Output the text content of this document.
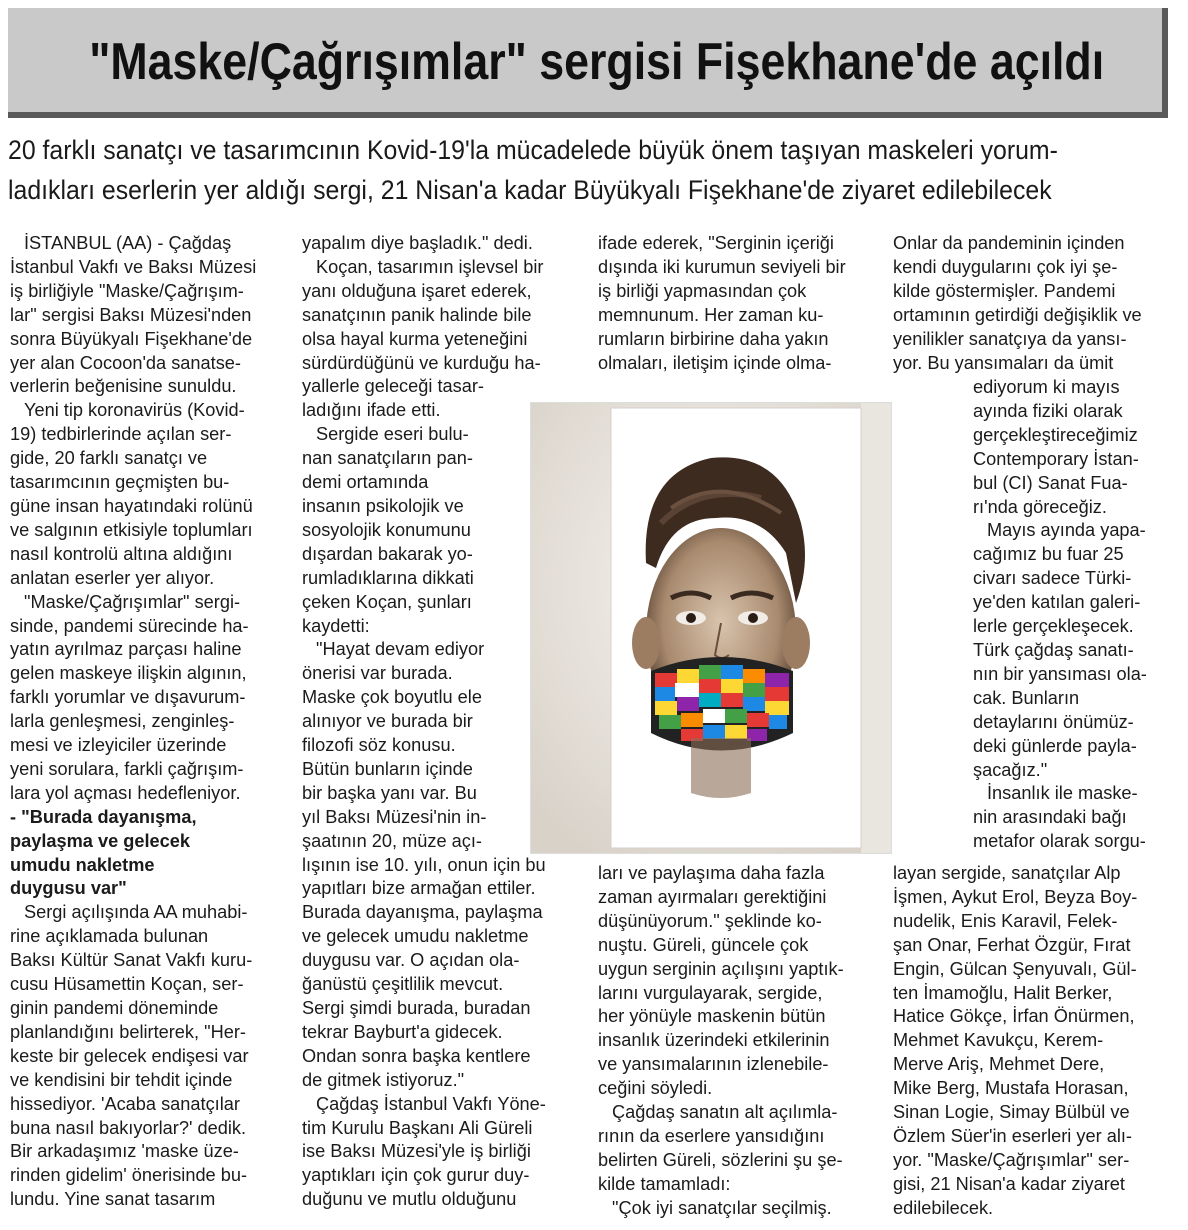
"Maske/Çağrışımlar" sergisi Fişekhane'de açıldı
20 farklı sanatçı ve tasarımcının Kovid-19'la mücadelede büyük önem taşıyan maskeleri yorum-
ladıkları eserlerin yer aldığı sergi, 21 Nisan'a kadar Büyükyalı Fişekhane'de ziyaret edilebilecek

İSTANBUL (AA) - Çağdaş

İstanbul Vakfı ve Baksı Müzesi

iş birliğiyle "Maske/Çağrışım-

lar" sergisi Baksı Müzesi'nden

sonra Büyükyalı Fişekhane'de

yer alan Cocoon'da sanatse-

verlerin beğenisine sunuldu.

Yeni tip koronavirüs (Kovid-

19) tedbirlerinde açılan ser-

gide, 20 farklı sanatçı ve

tasarımcının geçmişten bu-

güne insan hayatındaki rolünü

ve salgının etkisiyle toplumları

nasıl kontrolü altına aldığını

anlatan eserler yer alıyor.

"Maske/Çağrışımlar" sergi-

sinde, pandemi sürecinde ha-

yatın ayrılmaz parçası haline

gelen maskeye ilişkin algının,

farklı yorumlar ve dışavurum-

larla genleşmesi, zenginleş-

mesi ve izleyiciler üzerinde

yeni sorulara, farkli çağrışım-

lara yol açması hedefleniyor.

- "Burada dayanışma,

paylaşma ve gelecek

umudu nakletme

duygusu var"

Sergi açılışında AA muhabi-

rine açıklamada bulunan

Baksı Kültür Sanat Vakfı kuru-

cusu Hüsamettin Koçan, ser-

ginin pandemi döneminde

planlandığını belirterek, "Her-

keste bir gelecek endişesi var

ve kendisini bir tehdit içinde

hissediyor. 'Acaba sanatçılar

buna nasıl bakıyorlar?' dedik.

Bir arkadaşımız 'maske üze-

rinden gidelim' önerisinde bu-

lundu. Yine sanat tasarım

yapalım diye başladık." dedi.

Koçan, tasarımın işlevsel bir

yanı olduğuna işaret ederek,

sanatçının panik halinde bile

olsa hayal kurma yeteneğini

sürdürdüğünü ve kurduğu ha-

yallerle geleceği tasar-

ladığını ifade etti.

Sergide eseri bulu-

nan sanatçıların pan-

demi ortamında

insanın psikolojik ve

sosyolojik konumunu

dışardan bakarak yo-

rumladıklarına dikkati

çeken Koçan, şunları

kaydetti:

"Hayat devam ediyor

önerisi var burada.

Maske çok boyutlu ele

alınıyor ve burada bir

filozofi söz konusu.

Bütün bunların içinde

bir başka yanı var. Bu

yıl Baksı Müzesi'nin in-

şaatının 20, müze açı-

lışının ise 10. yılı, onun için bu

yapıtları bize armağan ettiler.

Burada dayanışma, paylaşma

ve gelecek umudu nakletme

duygusu var. O açıdan ola-

ğanüstü çeşitlilik mevcut.

Sergi şimdi burada, buradan

tekrar Bayburt'a gidecek.

Ondan sonra başka kentlere

de gitmek istiyoruz."

Çağdaş İstanbul Vakfı Yöne-

tim Kurulu Başkanı Ali Güreli

ise Baksı Müzesi'yle iş birliği

yaptıkları için çok gurur duy-

duğunu ve mutlu olduğunu

ifade ederek, "Serginin içeriği

dışında iki kurumun seviyeli bir

iş birliği yapmasından çok

memnunum. Her zaman ku-

rumların birbirine daha yakın

olmaları, iletişim içinde olma-

ları ve paylaşıma daha fazla

zaman ayırmaları gerektiğini

düşünüyorum." şeklinde ko-

nuştu. Güreli, güncele çok

uygun serginin açılışını yaptık-

larını vurgulayarak, sergide,

her yönüyle maskenin bütün

insanlık üzerindeki etkilerinin

ve yansımalarının izlenebile-

ceğini söyledi.

Çağdaş sanatın alt açılımla-

rının da eserlere yansıdığını

belirten Güreli, sözlerini şu şe-

kilde tamamladı:

"Çok iyi sanatçılar seçilmiş.

Onlar da pandeminin içinden

kendi duygularını çok iyi şe-

kilde göstermişler. Pandemi

ortamının getirdiği değişiklik ve

yenilikler sanatçıya da yansı-

yor. Bu yansımaları da ümit

ediyorum ki mayıs

ayında fiziki olarak

gerçekleştireceğimiz

Contemporary İstan-

bul (CI) Sanat Fua-

rı'nda göreceğiz.

Mayıs ayında yapa-

cağımız bu fuar 25

civarı sadece Türki-

ye'den katılan galeri-

lerle gerçekleşecek.

Türk çağdaş sanatı-

nın bir yansıması ola-

cak. Bunların

detaylarını önümüz-

deki günlerde payla-

şacağız."

İnsanlık ile maske-

nin arasındaki bağı

metafor olarak sorgu-

layan sergide, sanatçılar Alp

İşmen, Aykut Erol, Beyza Boy-

nudelik, Enis Karavil, Felek-

şan Onar, Ferhat Özgür, Fırat

Engin, Gülcan Şenyuvalı, Gül-

ten İmamoğlu, Halit Berker,

Hatice Gökçe, İrfan Önürmen,

Mehmet Kavukçu, Kerem-

Merve Ariş, Mehmet Dere,

Mike Berg, Mustafa Horasan,

Sinan Logie, Simay Bülbül ve

Özlem Süer'in eserleri yer alı-

yor. "Maske/Çağrışımlar" ser-

gisi, 21 Nisan'a kadar ziyaret

edilebilecek.
